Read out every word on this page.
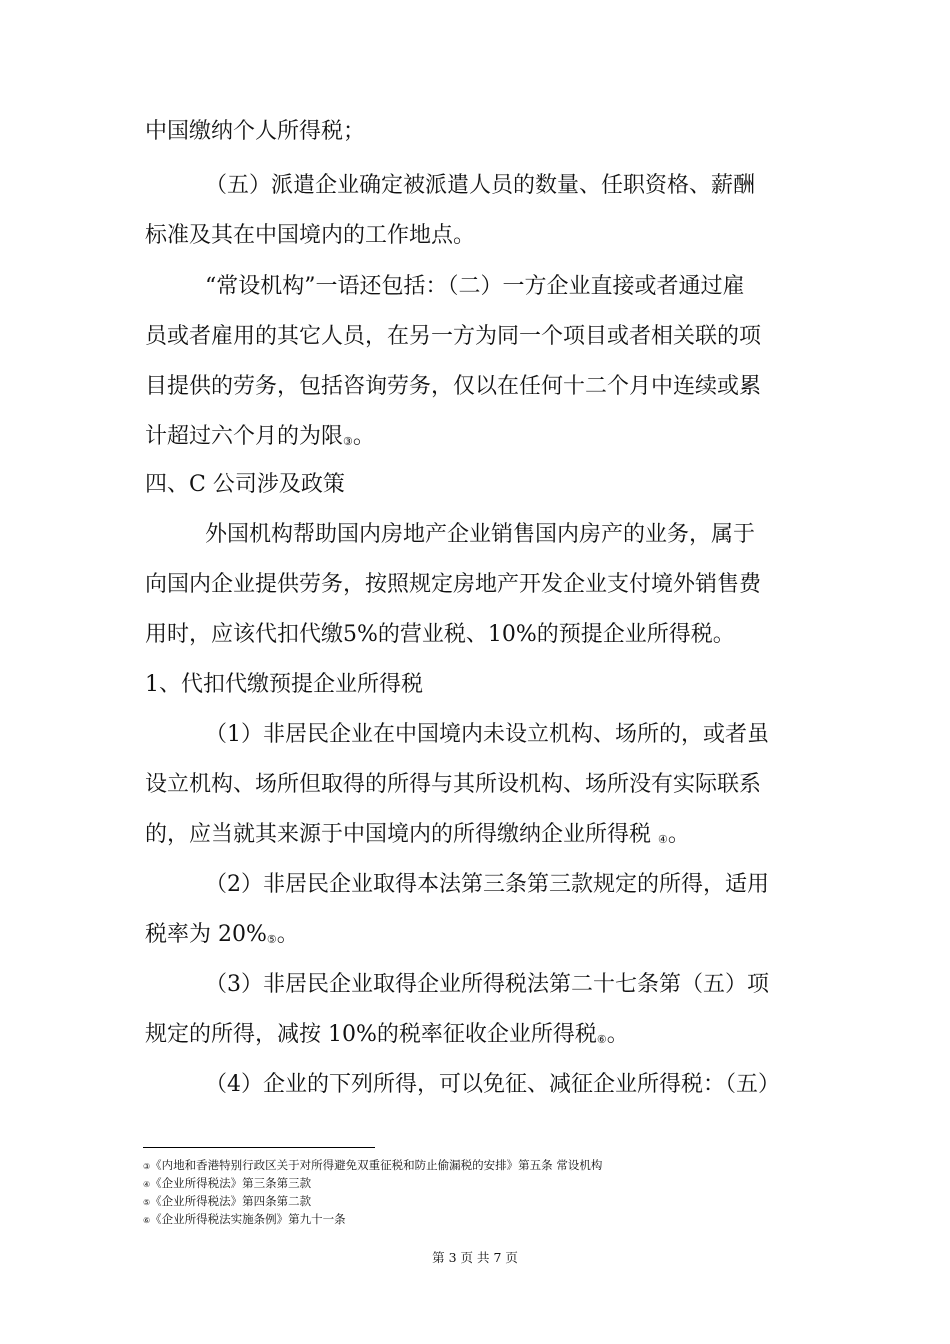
中国缴纳个人所得税；
（五）派遣企业确定被派遣人员的数量、任职资格、薪酬
标准及其在中国境内的工作地点。
“常设机构”一语还包括：（二）一方企业直接或者通过雇
员或者雇用的其它人员，在另一方为同一个项目或者相关联的项
目提供的劳务，包括咨询劳务，仅以在任何十二个月中连续或累
计超过六个月的为限③。
四、C 公司涉及政策
外国机构帮助国内房地产企业销售国内房产的业务，属于
向国内企业提供劳务，按照规定房地产开发企业支付境外销售费
用时，应该代扣代缴5%的营业税、10%的预提企业所得税。
1、代扣代缴预提企业所得税
（1）非居民企业在中国境内未设立机构、场所的，或者虽
设立机构、场所但取得的所得与其所设机构、场所没有实际联系
的，应当就其来源于中国境内的所得缴纳企业所得税 ④。
（2）非居民企业取得本法第三条第三款规定的所得，适用
税率为 20%⑤。
（3）非居民企业取得企业所得税法第二十七条第（五）项
规定的所得，减按 10%的税率征收企业所得税⑥。
（4）企业的下列所得，可以免征、减征企业所得税：（五）
③《内地和香港特别行政区关于对所得避免双重征税和防止偷漏税的安排》第五条 常设机构
④《企业所得税法》第三条第三款
⑤《企业所得税法》第四条第二款
⑥《企业所得税法实施条例》第九十一条
第 3 页 共 7 页
